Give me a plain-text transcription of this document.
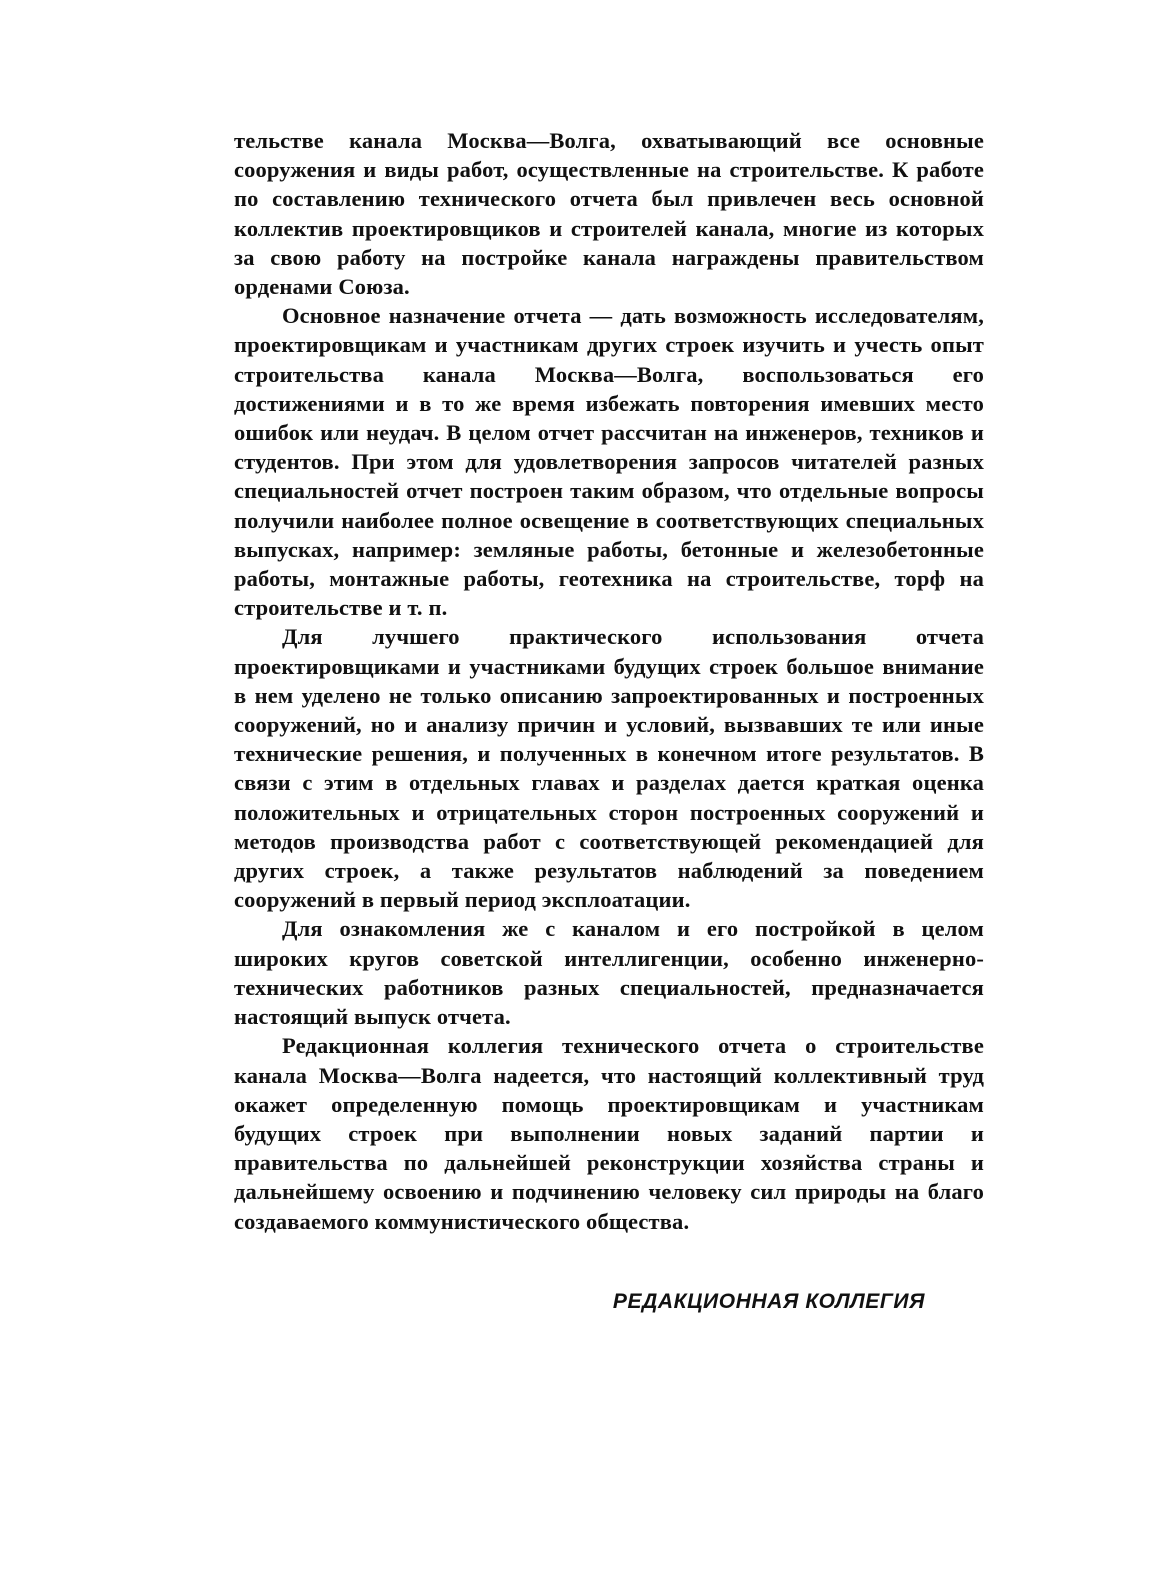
тельстве канала Москва—Волга, охватывающий все основные сооружения и виды работ, осуществленные на строительстве. К работе по составлению технического отчета был привлечен весь основной коллектив проектировщиков и строителей канала, многие из которых за свою работу на постройке канала награждены правительством орденами Союза.

Основное назначение отчета — дать возможность исследователям, проектировщикам и участникам других строек изучить и учесть опыт строительства канала Москва—Волга, воспользоваться его достижениями и в то же время избежать повторения имевших место ошибок или неудач. В целом отчет рассчитан на инженеров, техников и студентов. При этом для удовлетворения запросов читателей разных специальностей отчет построен таким образом, что отдельные вопросы получили наиболее полное освещение в соответствующих специальных выпусках, например: земляные работы, бетонные и железобетонные работы, монтажные работы, геотехника на строительстве, торф на строительстве и т. п.

Для лучшего практического использования отчета проектировщиками и участниками будущих строек большое внимание в нем уделено не только описанию запроектированных и построенных сооружений, но и анализу причин и условий, вызвавших те или иные технические решения, и полученных в конечном итоге результатов. В связи с этим в отдельных главах и разделах дается краткая оценка положительных и отрицательных сторон построенных сооружений и методов производства работ с соответствующей рекомендацией для других строек, а также результатов наблюдений за поведением сооружений в первый период эксплоатации.

Для ознакомления же с каналом и его постройкой в целом широких кругов советской интеллигенции, особенно инженерно-технических работников разных специальностей, предназначается настоящий выпуск отчета.

Редакционная коллегия технического отчета о строительстве канала Москва—Волга надеется, что настоящий коллективный труд окажет определенную помощь проектировщикам и участникам будущих строек при выполнении новых заданий партии и правительства по дальнейшей реконструкции хозяйства страны и дальнейшему освоению и подчинению человеку сил природы на благо создаваемого коммунистического общества.

РЕДАКЦИОННАЯ КОЛЛЕГИЯ
